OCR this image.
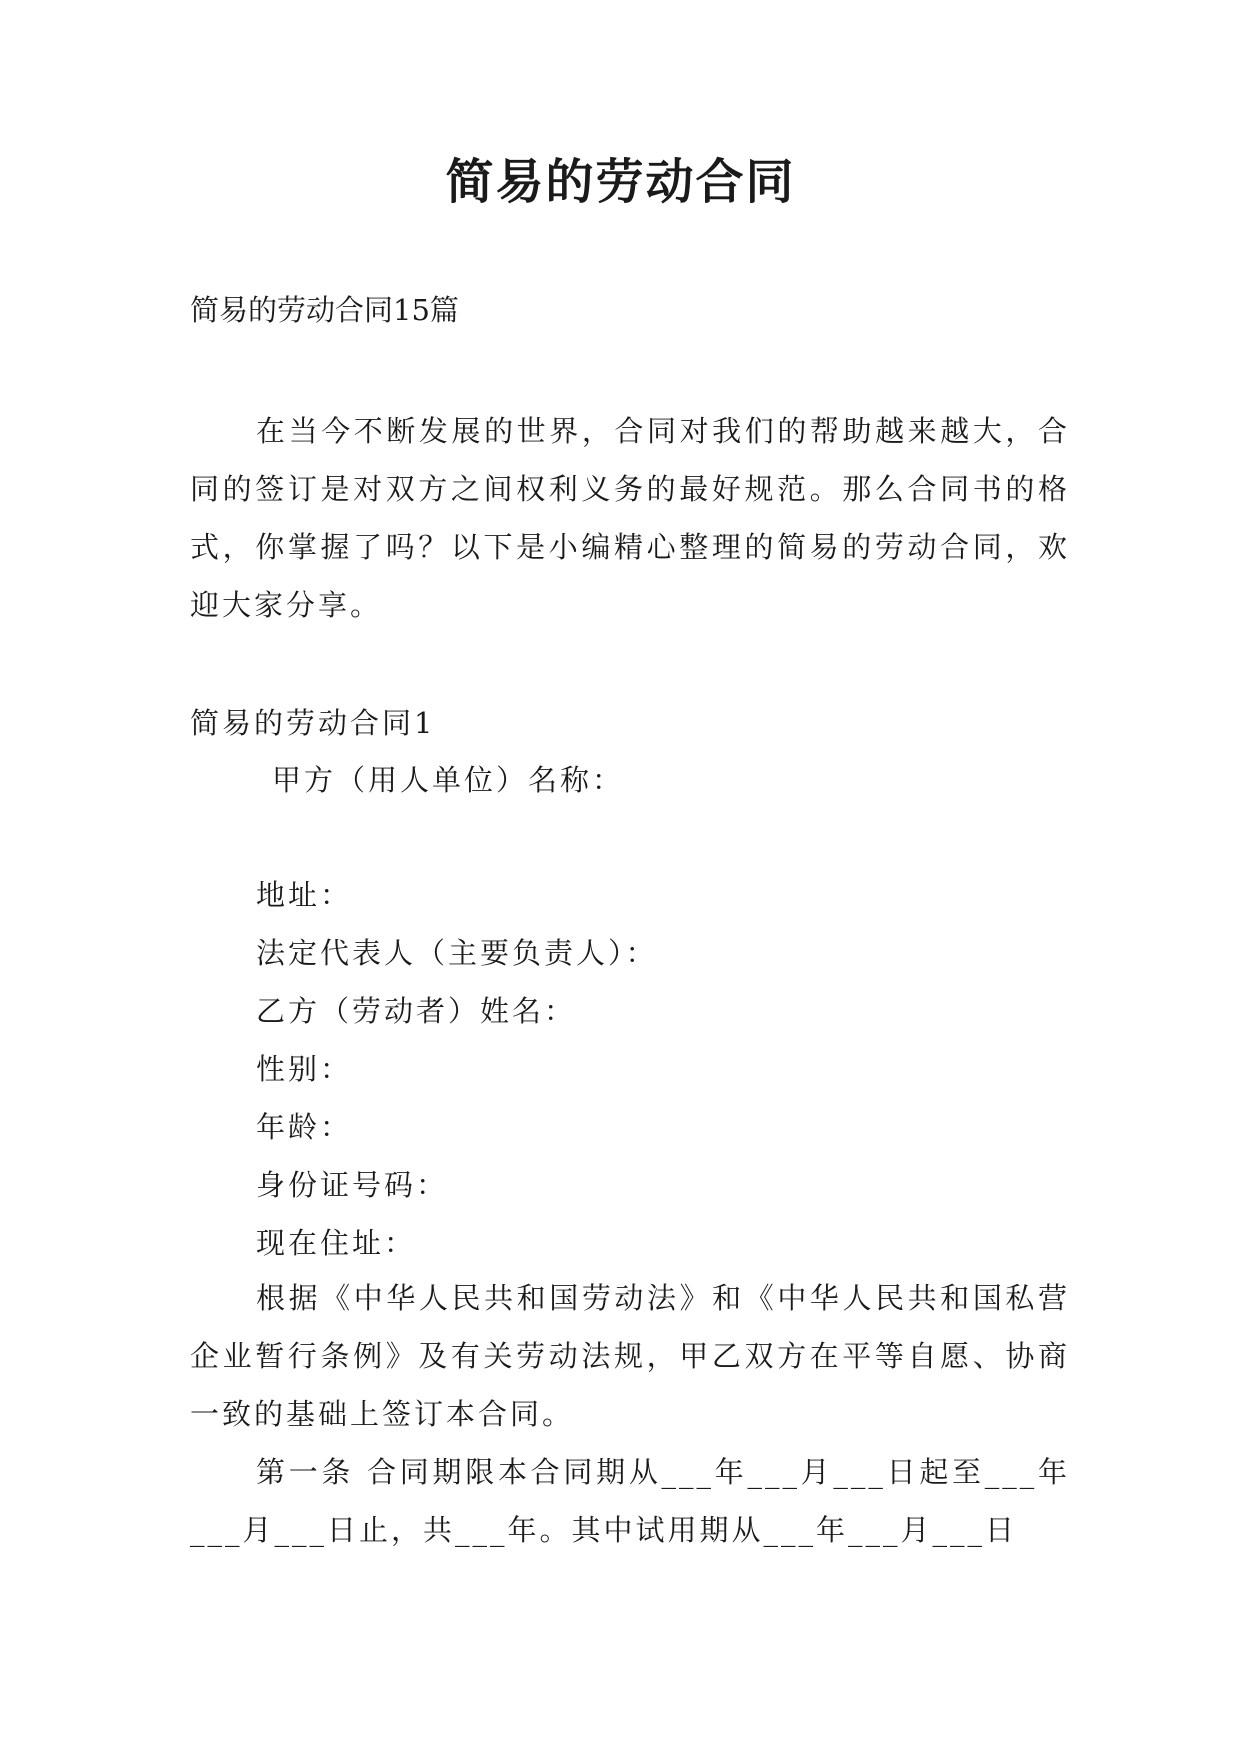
简易的劳动合同

简易的劳动合同15篇

在当今不断发展的世界，合同对我们的帮助越来越大，合同的签订是对双方之间权利义务的最好规范。那么合同书的格式，你掌握了吗？以下是小编精心整理的简易的劳动合同，欢迎大家分享。

简易的劳动合同1

甲方（用人单位）名称：

地址：

法定代表人（主要负责人）：

乙方（劳动者）姓名：

性别：

年龄：

身份证号码：

现在住址：

根据《中华人民共和国劳动法》和《中华人民共和国私营企业暂行条例》及有关劳动法规，甲乙双方在平等自愿、协商一致的基础上签订本合同。

第一条 合同期限本合同期从___年___月___日起至___年___月___日止，共___年。其中试用期从___年___月___日
